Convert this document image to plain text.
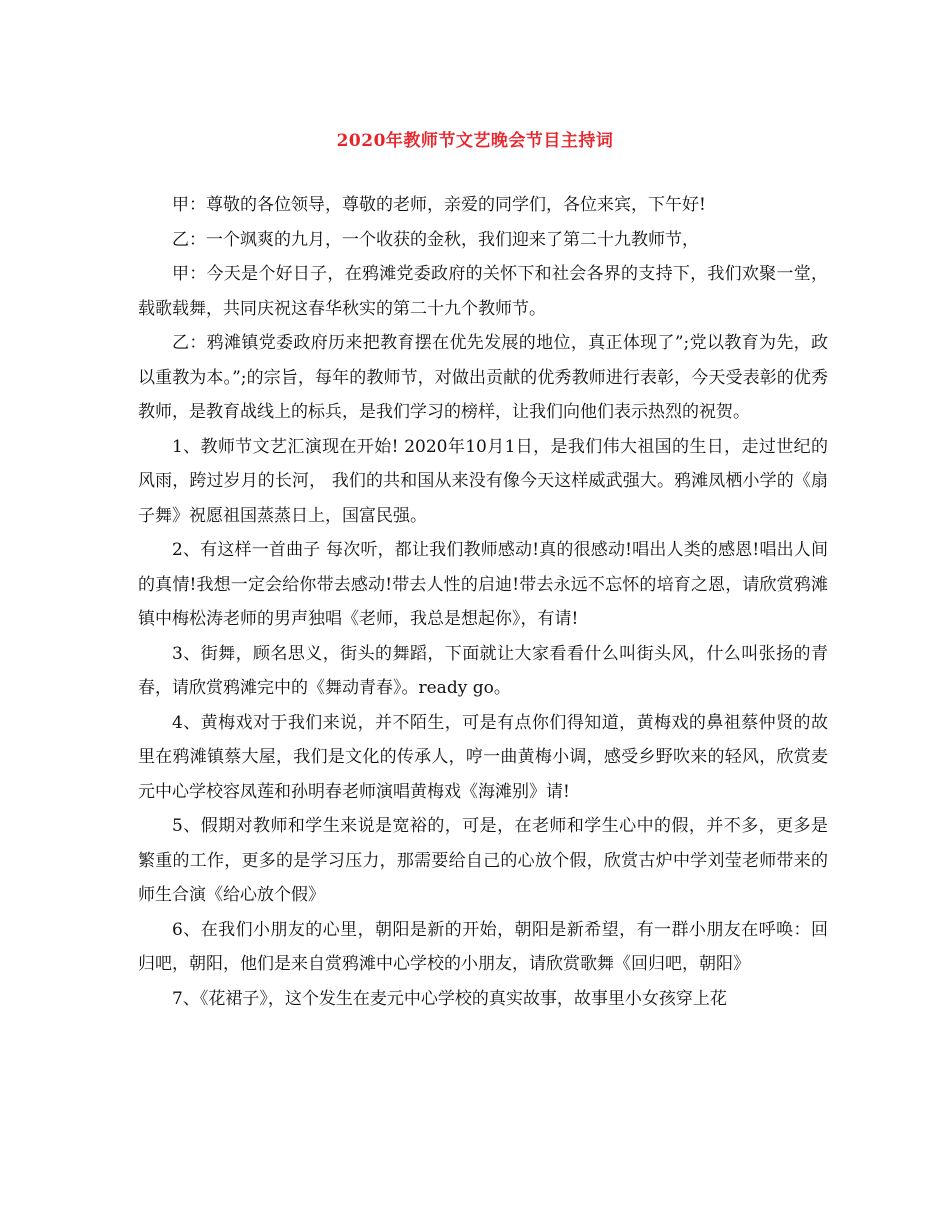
2020年教师节文艺晚会节目主持词

甲：尊敬的各位领导，尊敬的老师，亲爱的同学们，各位来宾，下午好!

乙：一个飒爽的九月，一个收获的金秋，我们迎来了第二十九教师节，

甲：今天是个好日子，在鸦滩党委政府的关怀下和社会各界的支持下，我们欢聚一堂，载歌载舞，共同庆祝这春华秋实的第二十九个教师节。

乙：鸦滩镇党委政府历来把教育摆在优先发展的地位，真正体现了”;党以教育为先，政以重教为本。”;的宗旨，每年的教师节，对做出贡献的优秀教师进行表彰，今天受表彰的优秀教师，是教育战线上的标兵，是我们学习的榜样，让我们向他们表示热烈的祝贺。

1、教师节文艺汇演现在开始! 2020年10月1日，是我们伟大祖国的生日，走过世纪的风雨，跨过岁月的长河， 我们的共和国从来没有像今天这样威武强大。鸦滩凤栖小学的《扇子舞》祝愿祖国蒸蒸日上，国富民强。

2、有这样一首曲子 每次听，都让我们教师感动!真的很感动!唱出人类的感恩!唱出人间的真情!我想一定会给你带去感动!带去人性的启迪!带去永远不忘怀的培育之恩，请欣赏鸦滩镇中梅松涛老师的男声独唱《老师，我总是想起你》，有请!

3、街舞，顾名思义，街头的舞蹈，下面就让大家看看什么叫街头风，什么叫张扬的青春，请欣赏鸦滩完中的《舞动青春》。ready go。

4、黄梅戏对于我们来说，并不陌生，可是有点你们得知道，黄梅戏的鼻祖蔡仲贤的故里在鸦滩镇蔡大屋，我们是文化的传承人，哼一曲黄梅小调，感受乡野吹来的轻风，欣赏麦元中心学校容凤莲和孙明春老师演唱黄梅戏《海滩别》请!

5、假期对教师和学生来说是宽裕的，可是，在老师和学生心中的假，并不多，更多是繁重的工作，更多的是学习压力，那需要给自己的心放个假，欣赏古炉中学刘莹老师带来的师生合演《给心放个假》

6、在我们小朋友的心里，朝阳是新的开始，朝阳是新希望，有一群小朋友在呼唤：回归吧，朝阳，他们是来自赏鸦滩中心学校的小朋友，请欣赏歌舞《回归吧，朝阳》

7、《花裙子》，这个发生在麦元中心学校的真实故事，故事里小女孩穿上花
